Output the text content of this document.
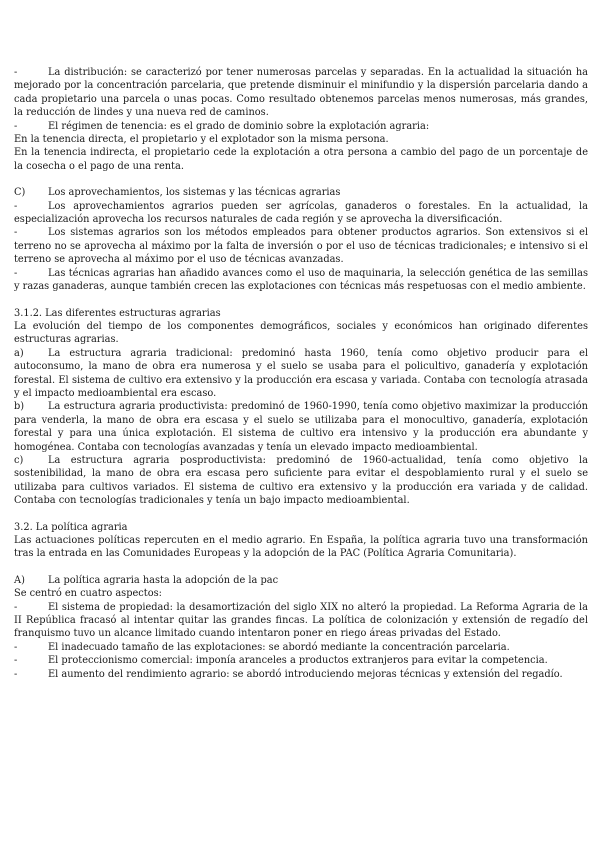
-	La distribución: se caracterizó por tener numerosas parcelas y separadas. En la actualidad la situación ha mejorado por la concentración parcelaria, que pretende disminuir el minifundio y la dispersión parcelaria dando a cada propietario una parcela o unas pocas. Como resultado obtenemos parcelas menos numerosas, más grandes, la reducción de lindes y una nueva red de caminos.

-	El régimen de tenencia: es el grado de dominio sobre la explotación agraria:

En la tenencia directa, el propietario y el explotador son la misma persona.

En la tenencia indirecta, el propietario cede la explotación a otra persona a cambio del pago de un porcentaje de la cosecha o el pago de una renta.

C) Los aprovechamientos, los sistemas y las técnicas agrarias

-	Los aprovechamientos agrarios pueden ser agrícolas, ganaderos o forestales. En la actualidad, la especialización aprovecha los recursos naturales de cada región y se aprovecha la diversificación.

-	Los sistemas agrarios son los métodos empleados para obtener productos agrarios. Son extensivos si el terreno no se aprovecha al máximo por la falta de inversión o por el uso de técnicas tradicionales; e intensivo si el terreno se aprovecha al máximo por el uso de técnicas avanzadas.

-	Las técnicas agrarias han añadido avances como el uso de maquinaria, la selección genética de las semillas y razas ganaderas, aunque también crecen las explotaciones con técnicas más respetuosas con el medio ambiente.

3.1.2. Las diferentes estructuras agrarias

La evolución del tiempo de los componentes demográficos, sociales y económicos han originado diferentes estructuras agrarias.

a) La estructura agraria tradicional: predominó hasta 1960, tenía como objetivo producir para el autoconsumo, la mano de obra era numerosa y el suelo se usaba para el policultivo, ganadería y explotación forestal. El sistema de cultivo era extensivo y la producción era escasa y variada. Contaba con tecnología atrasada y el impacto medioambiental era escaso.

b) La estructura agraria productivista: predominó de 1960-1990, tenía como objetivo maximizar la producción para venderla, la mano de obra era escasa y el suelo se utilizaba para el monocultivo, ganadería, explotación forestal y para una única explotación. El sistema de cultivo era intensivo y la producción era abundante y homogénea. Contaba con tecnologías avanzadas y tenía un elevado impacto medioambiental.

c)	La estructura agraria posproductivista: predominó de 1960-actualidad, tenía como objetivo la sostenibilidad, la mano de obra era escasa pero suficiente para evitar el despoblamiento rural y el suelo se utilizaba para cultivos variados. El sistema de cultivo era extensivo y la producción era variada y de calidad. Contaba con tecnologías tradicionales y tenía un bajo impacto medioambiental.

3.2. La política agraria

Las actuaciones políticas repercuten en el medio agrario. En España, la política agraria tuvo una transformación tras la entrada en las Comunidades Europeas y la adopción de la PAC (Política Agraria Comunitaria).

A) La política agraria hasta la adopción de la pac

Se centró en cuatro aspectos:

-	El sistema de propiedad: la desamortización del siglo XIX no alteró la propiedad. La Reforma Agraria de la II República fracasó al intentar quitar las grandes fincas. La política de colonización y extensión de regadío del franquismo tuvo un alcance limitado cuando intentaron poner en riego áreas privadas del Estado.

-	El inadecuado tamaño de las explotaciones: se abordó mediante la concentración parcelaria.

-	El proteccionismo comercial: imponía aranceles a productos extranjeros para evitar la competencia.

-	El aumento del rendimiento agrario: se abordó introduciendo mejoras técnicas y extensión del regadío.
